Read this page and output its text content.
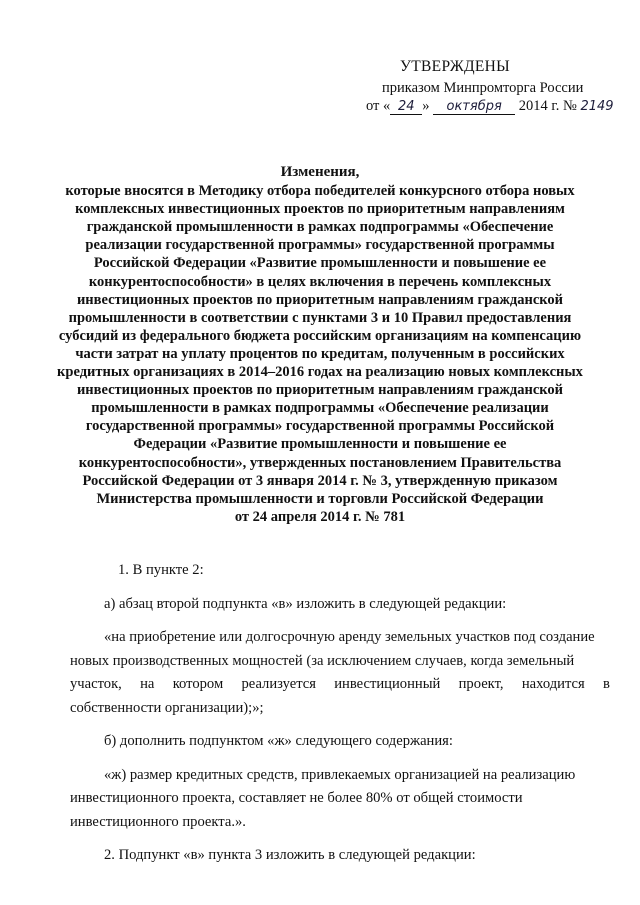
УТВЕРЖДЕНЫ
приказом Минпромторга России
от « 24 » октября 2014 г. № 2149
Изменения,
которые вносятся в Методику отбора победителей конкурсного отбора новых
комплексных инвестиционных проектов по приоритетным направлениям
гражданской промышленности в рамках подпрограммы «Обеспечение
реализации государственной программы» государственной программы
Российской Федерации «Развитие промышленности и повышение ее
конкурентоспособности» в целях включения в перечень комплексных
инвестиционных проектов по приоритетным направлениям гражданской
промышленности в соответствии с пунктами 3 и 10 Правил предоставления
субсидий из федерального бюджета российским организациям на компенсацию
части затрат на уплату процентов по кредитам, полученным в российских
кредитных организациях в 2014–2016 годах на реализацию новых комплексных
инвестиционных проектов по приоритетным направлениям гражданской
промышленности в рамках подпрограммы «Обеспечение реализации
государственной программы» государственной программы Российской
Федерации «Развитие промышленности и повышение ее
конкурентоспособности», утвержденных постановлением Правительства
Российской Федерации от 3 января 2014 г. № 3, утвержденную приказом
Министерства промышленности и торговли Российской Федерации
от 24 апреля 2014 г. № 781

1. В пункте 2:

а) абзац второй подпункта «в» изложить в следующей редакции:

«на приобретение или долгосрочную аренду земельных участков под создание

новых производственных мощностей (за исключением случаев, когда земельный

участок, на котором реализуется инвестиционный проект, находится в

собственности организации);»;

б) дополнить подпунктом «ж» следующего содержания:

«ж) размер кредитных средств, привлекаемых организацией на реализацию

инвестиционного проекта, составляет не более 80% от общей стоимости

инвестиционного проекта.».

2. Подпункт «в» пункта 3 изложить в следующей редакции:
